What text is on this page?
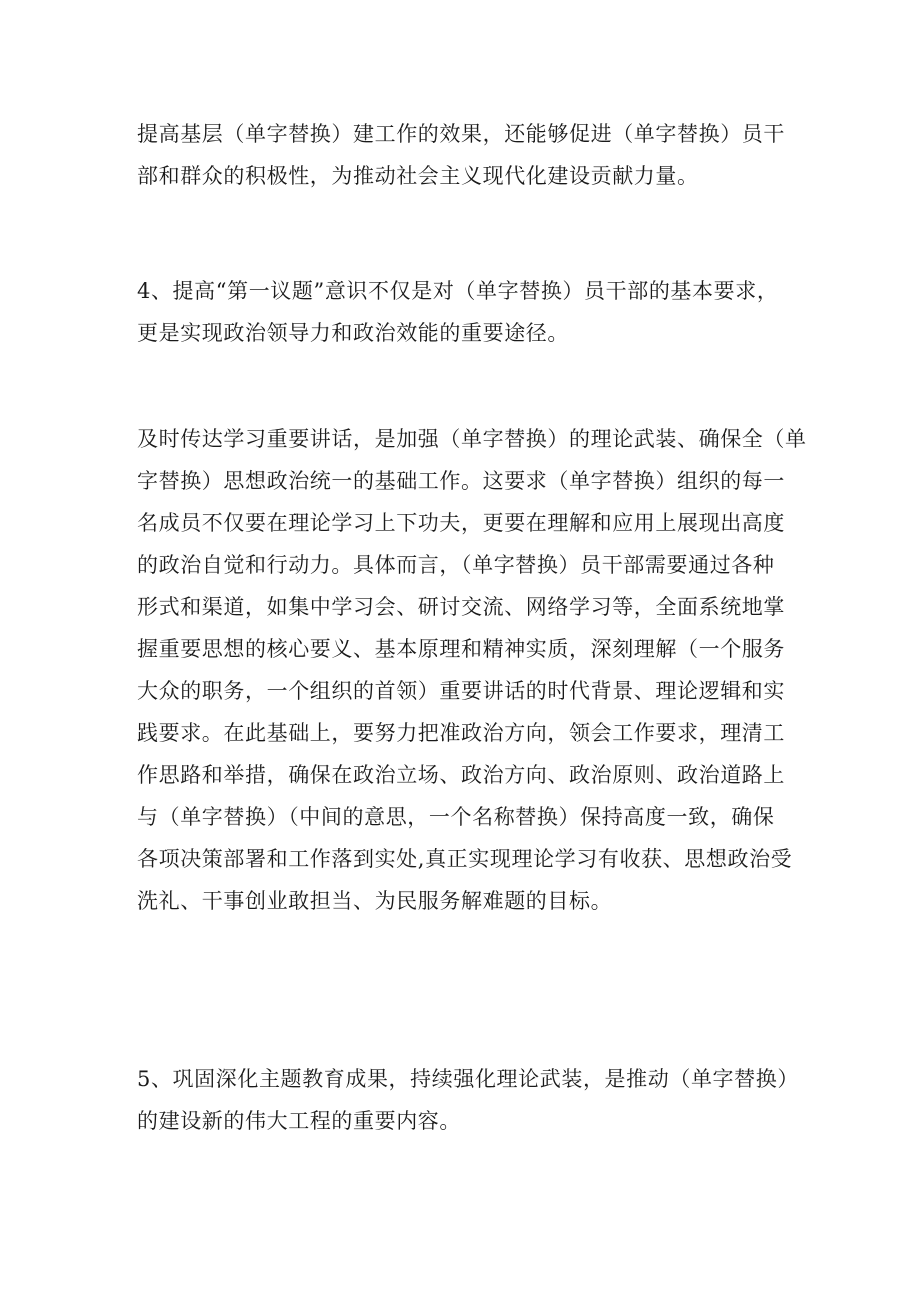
提高基层（单字替换）建工作的效果，还能够促进（单字替换）员干
部和群众的积极性，为推动社会主义现代化建设贡献力量。

4、提高“第一议题”意识不仅是对（单字替换）员干部的基本要求，
更是实现政治领导力和政治效能的重要途径。

及时传达学习重要讲话，是加强（单字替换）的理论武装、确保全（单
字替换）思想政治统一的基础工作。这要求（单字替换）组织的每一
名成员不仅要在理论学习上下功夫，更要在理解和应用上展现出高度
的政治自觉和行动力。具体而言，（单字替换）员干部需要通过各种
形式和渠道，如集中学习会、研讨交流、网络学习等，全面系统地掌
握重要思想的核心要义、基本原理和精神实质，深刻理解（一个服务
大众的职务，一个组织的首领）重要讲话的时代背景、理论逻辑和实
践要求。在此基础上，要努力把准政治方向，领会工作要求，理清工
作思路和举措，确保在政治立场、政治方向、政治原则、政治道路上
与（单字替换）（中间的意思，一个名称替换）保持高度一致，确保
各项决策部署和工作落到实处,真正实现理论学习有收获、思想政治受
洗礼、干事创业敢担当、为民服务解难题的目标。

5、巩固深化主题教育成果，持续强化理论武装，是推动（单字替换）
的建设新的伟大工程的重要内容。
